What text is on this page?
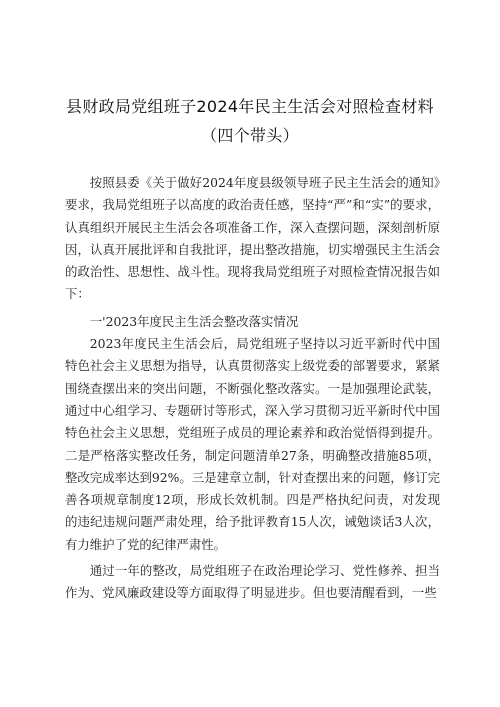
县财政局党组班子2024年民主生活会对照检查材料（四个带头）

按照县委《关于做好2024年度县级领导班子民主生活会的通知》要求，我局党组班子以高度的政治责任感，坚持“严”和“实”的要求，认真组织开展民主生活会各项准备工作，深入查摆问题，深刻剖析原因，认真开展批评和自我批评，提出整改措施，切实增强民主生活会的政治性、思想性、战斗性。现将我局党组班子对照检查情况报告如下：

一'2023年度民主生活会整改落实情况

2023年度民主生活会后，局党组班子坚持以习近平新时代中国特色社会主义思想为指导，认真贯彻落实上级党委的部署要求，紧紧围绕查摆出来的突出问题，不断强化整改落实。一是加强理论武装，通过中心组学习、专题研讨等形式，深入学习贯彻习近平新时代中国特色社会主义思想，党组班子成员的理论素养和政治觉悟得到提升。二是严格落实整改任务，制定问题清单27条，明确整改措施85项，整改完成率达到92%。三是建章立制，针对查摆出来的问题，修订完善各项规章制度12项，形成长效机制。四是严格执纪问责，对发现的违纪违规问题严肃处理，给予批评教育15人次，诫勉谈话3人次，有力维护了党的纪律严肃性。

通过一年的整改，局党组班子在政治理论学习、党性修养、担当作为、党风廉政建设等方面取得了明显进步。但也要清醒看到，一些
